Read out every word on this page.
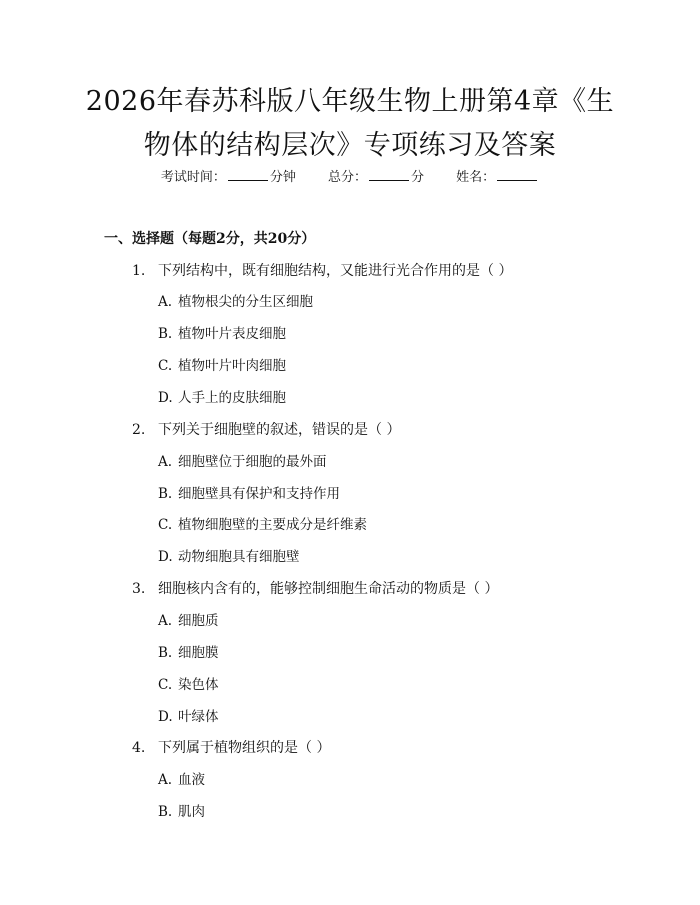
2026年春苏科版八年级生物上册第4章《生
物体的结构层次》专项练习及答案
考试时间：	分钟 总分：	分 姓名：
一、选择题（每题2分，共20分）
1. 下列结构中，既有细胞结构，又能进行光合作用的是（ ）
A. 植物根尖的分生区细胞
B. 植物叶片表皮细胞
C. 植物叶片叶肉细胞
D. 人手上的皮肤细胞
2. 下列关于细胞壁的叙述，错误的是（ ）
A. 细胞壁位于细胞的最外面
B. 细胞壁具有保护和支持作用
C. 植物细胞壁的主要成分是纤维素
D. 动物细胞具有细胞壁
3. 细胞核内含有的，能够控制细胞生命活动的物质是（ ）
A. 细胞质
B. 细胞膜
C. 染色体
D. 叶绿体
4. 下列属于植物组织的是（ ）
A. 血液
B. 肌肉
